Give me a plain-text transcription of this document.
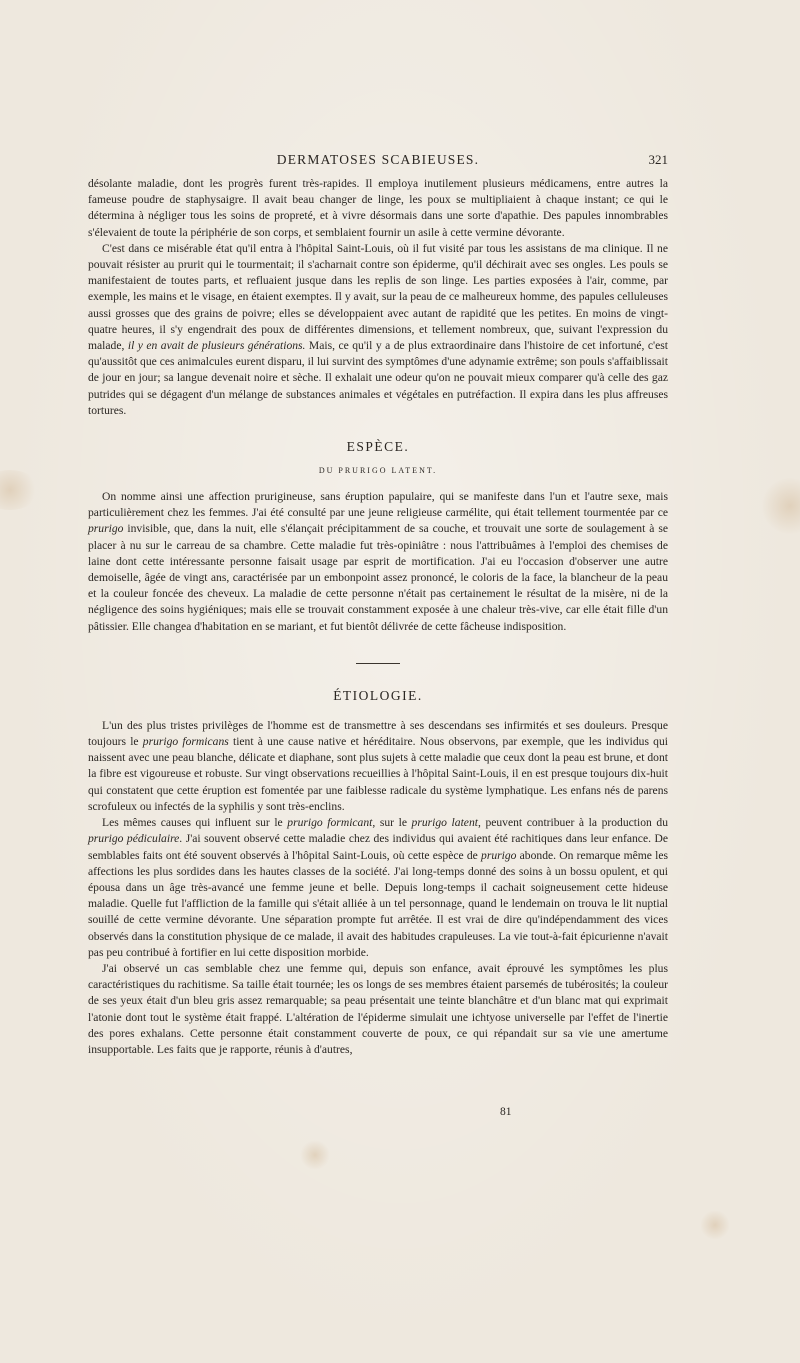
DERMATOSES SCABIEUSES.	321

désolante maladie, dont les progrès furent très-rapides. Il employa inutilement plusieurs médicamens, entre autres la fameuse poudre de staphysaigre. Il avait beau changer de linge, les poux se multipliaient à chaque instant; ce qui le détermina à négliger tous les soins de propreté, et à vivre désormais dans une sorte d'apathie. Des papules innombrables s'élevaient de toute la périphérie de son corps, et semblaient fournir un asile à cette vermine dévorante.

C'est dans ce misérable état qu'il entra à l'hôpital Saint-Louis, où il fut visité par tous les assistans de ma clinique. Il ne pouvait résister au prurit qui le tourmentait; il s'acharnait contre son épiderme, qu'il déchirait avec ses ongles. Les pouls se manifestaient de toutes parts, et refluaient jusque dans les replis de son linge. Les parties exposées à l'air, comme, par exemple, les mains et le visage, en étaient exemptes. Il y avait, sur la peau de ce malheureux homme, des papules celluleuses aussi grosses que des grains de poivre; elles se développaient avec autant de rapidité que les petites. En moins de vingt-quatre heures, il s'y engendrait des poux de différentes dimensions, et tellement nombreux, que, suivant l'expression du malade, il y en avait de plusieurs générations. Mais, ce qu'il y a de plus extraordinaire dans l'histoire de cet infortuné, c'est qu'aussitôt que ces animalcules eurent disparu, il lui survint des symptômes d'une adynamie extrême; son pouls s'affaiblissait de jour en jour; sa langue devenait noire et sèche. Il exhalait une odeur qu'on ne pouvait mieux comparer qu'à celle des gaz putrides qui se dégagent d'un mélange de substances animales et végétales en putréfaction. Il expira dans les plus affreuses tortures.

ESPÈCE.
DU PRURIGO LATENT.

On nomme ainsi une affection prurigineuse, sans éruption papulaire, qui se manifeste dans l'un et l'autre sexe, mais particulièrement chez les femmes. J'ai été consulté par une jeune religieuse carmélite, qui était tellement tourmentée par ce prurigo invisible, que, dans la nuit, elle s'élançait précipitamment de sa couche, et trouvait une sorte de soulagement à se placer à nu sur le carreau de sa chambre. Cette maladie fut très-opiniâtre : nous l'attribuâmes à l'emploi des chemises de laine dont cette intéressante personne faisait usage par esprit de mortification. J'ai eu l'occasion d'observer une autre demoiselle, âgée de vingt ans, caractérisée par un embonpoint assez prononcé, le coloris de la face, la blancheur de la peau et la couleur foncée des cheveux. La maladie de cette personne n'était pas certainement le résultat de la misère, ni de la négligence des soins hygiéniques; mais elle se trouvait constamment exposée à une chaleur très-vive, car elle était fille d'un pâtissier. Elle changea d'habitation en se mariant, et fut bientôt délivrée de cette fâcheuse indisposition.

ÉTIOLOGIE.

L'un des plus tristes privilèges de l'homme est de transmettre à ses descendans ses infirmités et ses douleurs. Presque toujours le prurigo formicans tient à une cause native et héréditaire. Nous observons, par exemple, que les individus qui naissent avec une peau blanche, délicate et diaphane, sont plus sujets à cette maladie que ceux dont la peau est brune, et dont la fibre est vigoureuse et robuste. Sur vingt observations recueillies à l'hôpital Saint-Louis, il en est presque toujours dix-huit qui constatent que cette éruption est fomentée par une faiblesse radicale du système lymphatique. Les enfans nés de parens scrofuleux ou infectés de la syphilis y sont très-enclins.

Les mêmes causes qui influent sur le prurigo formicant, sur le prurigo latent, peuvent contribuer à la production du prurigo pédiculaire. J'ai souvent observé cette maladie chez des individus qui avaient été rachitiques dans leur enfance. De semblables faits ont été souvent observés à l'hôpital Saint-Louis, où cette espèce de prurigo abonde. On remarque même les affections les plus sordides dans les hautes classes de la société. J'ai long-temps donné des soins à un bossu opulent, et qui épousa dans un âge très-avancé une femme jeune et belle. Depuis long-temps il cachait soigneusement cette hideuse maladie. Quelle fut l'affliction de la famille qui s'était alliée à un tel personnage, quand le lendemain on trouva le lit nuptial souillé de cette vermine dévorante. Une séparation prompte fut arrêtée. Il est vrai de dire qu'indépendamment des vices observés dans la constitution physique de ce malade, il avait des habitudes crapuleuses. La vie tout-à-fait épicurienne n'avait pas peu contribué à fortifier en lui cette disposition morbide.

J'ai observé un cas semblable chez une femme qui, depuis son enfance, avait éprouvé les symptômes les plus caractéristiques du rachitisme. Sa taille était tournée; les os longs de ses membres étaient parsemés de tubérosités; la couleur de ses yeux était d'un bleu gris assez remarquable; sa peau présentait une teinte blanchâtre et d'un blanc mat qui exprimait l'atonie dont tout le système était frappé. L'altération de l'épiderme simulait une ichtyose universelle par l'effet de l'inertie des pores exhalans. Cette personne était constamment couverte de poux, ce qui répandait sur sa vie une amertume insupportable. Les faits que je rapporte, réunis à d'autres,

81
